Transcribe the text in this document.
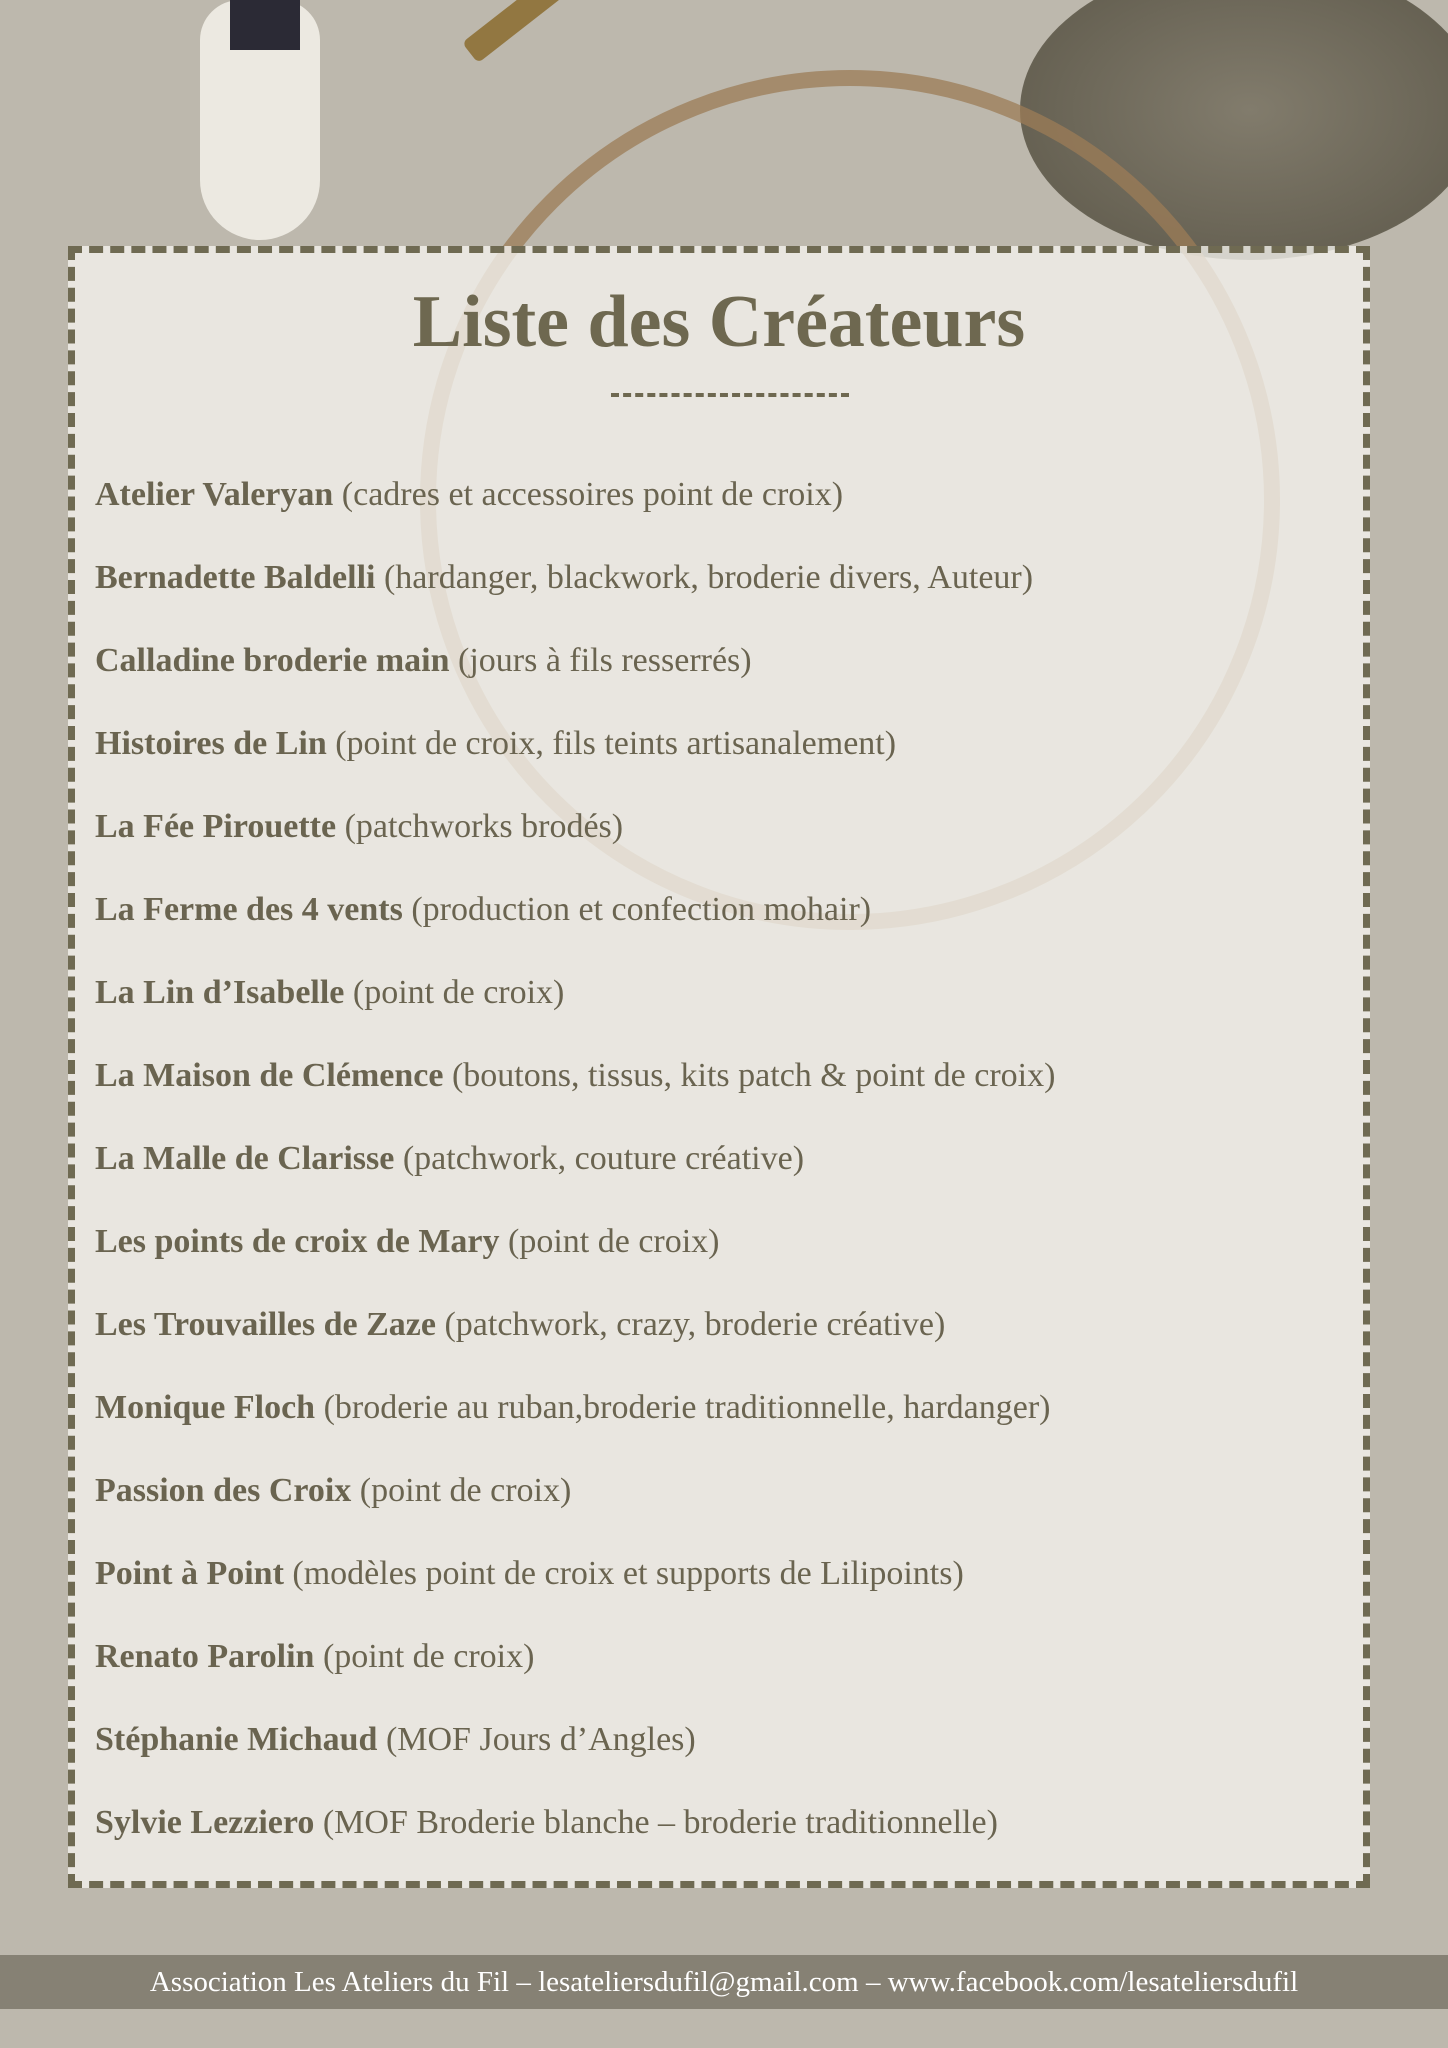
Liste des Créateurs
Atelier Valeryan (cadres et accessoires point de croix)
Bernadette Baldelli (hardanger, blackwork, broderie divers, Auteur)
Calladine broderie main (jours à fils resserrés)
Histoires de Lin (point de croix, fils teints artisanalement)
La Fée Pirouette (patchworks brodés)
La Ferme des 4 vents (production et confection mohair)
La Lin d’Isabelle (point de croix)
La Maison de Clémence (boutons, tissus, kits patch & point de croix)
La Malle de Clarisse (patchwork, couture créative)
Les points de croix de Mary (point de croix)
Les Trouvailles de Zaze (patchwork, crazy, broderie créative)
Monique Floch (broderie au ruban,broderie traditionnelle, hardanger)
Passion des Croix (point de croix)
Point à Point (modèles point de croix et supports de Lilipoints)
Renato Parolin (point de croix)
Stéphanie Michaud (MOF Jours d’Angles)
Sylvie Lezziero (MOF Broderie blanche – broderie traditionnelle)
Association Les Ateliers du Fil – lesateliersdufil@gmail.com – www.facebook.com/lesateliersdufil
